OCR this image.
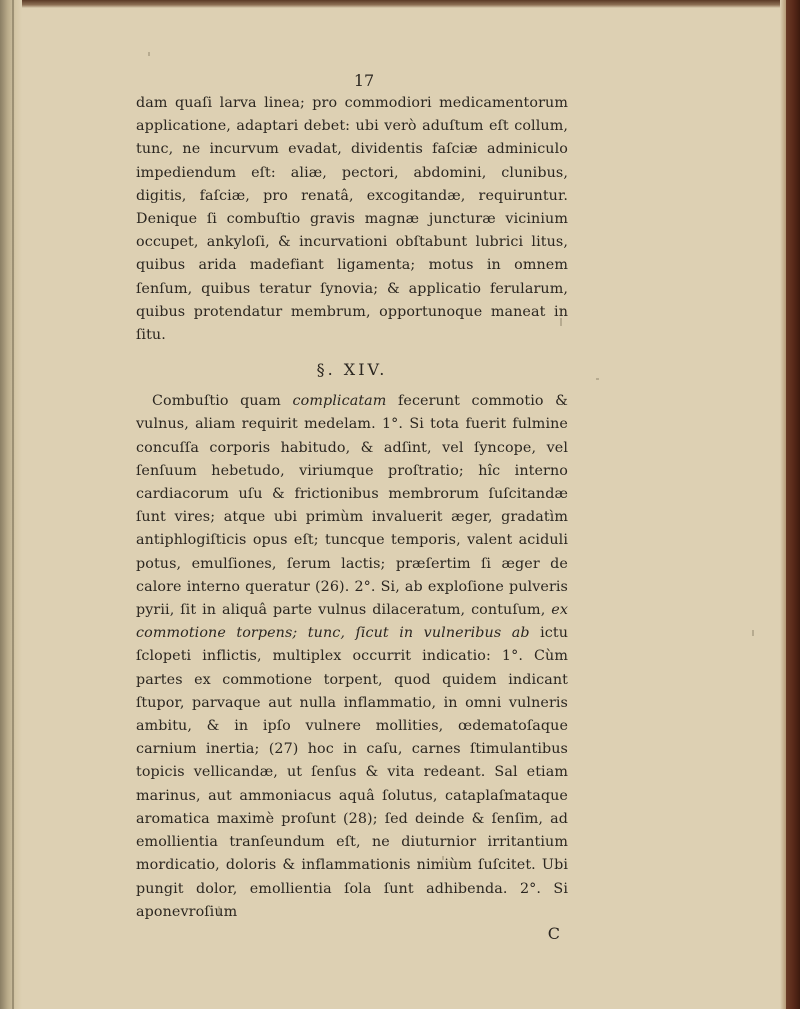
17

dam quaſi larva linea; pro commodiori medicamentorum applicatione, adaptari debet: ubi verò aduſtum eſt collum, tunc, ne incurvum evadat, dividentis faſciæ adminiculo impediendum eſt: aliæ, pectori, abdomini, clunibus, digitis, faſciæ, pro renatâ, excogitandæ, requiruntur. Denique ſi combuſtio gravis magnæ juncturæ vicinium occupet, ankyloſi, & incurvationi obſtabunt lubrici litus, quibus arida madefiant ligamenta; motus in omnem ſenſum, quibus teratur ſynovia; & applicatio ferularum, quibus protendatur membrum, opportunoque maneat in ſitu.

§. XIV.

Combuſtio quam complicatam fecerunt commotio & vulnus, aliam requirit medelam. 1°. Si tota fuerit fulmine concuſſa corporis habitudo, & adſint, vel ſyncope, vel ſenſuum hebetudo, viriumque proſtratio; hîc interno cardiacorum uſu & frictionibus membrorum ſuſcitandæ ſunt vires; atque ubi primùm invaluerit æger, gradatìm antiphlogiſticis opus eſt; tuncque temporis, valent aciduli potus, emulſiones, ſerum lactis; præſertim ſi æger de calore interno queratur (26). 2°. Si, ab exploſione pulveris pyrii, ſit in aliquâ parte vulnus dilaceratum, contuſum, ex commotione torpens; tunc, ſicut in vulneribus ab ictu ſclopeti inflictis, multiplex occurrit indicatio: 1°. Cùm partes ex commotione torpent, quod quidem indicant ſtupor, parvaque aut nulla inflammatio, in omni vulneris ambitu, & in ipſo vulnere mollities, œdematoſaque carnium inertia; (27) hoc in caſu, carnes ſtimulantibus topicis vellicandæ, ut ſenſus & vita redeant. Sal etiam marinus, aut ammoniacus aquâ ſolutus, cataplaſmataque aromatica maximè proſunt (28); ſed deinde & ſenſim, ad emollientia tranſeundum eſt, ne diuturnior irritantium mordicatio, doloris & inflammationis nimiùm ſuſcitet. Ubi pungit dolor, emollientia ſola ſunt adhibenda. 2°. Si aponevroſium

C
